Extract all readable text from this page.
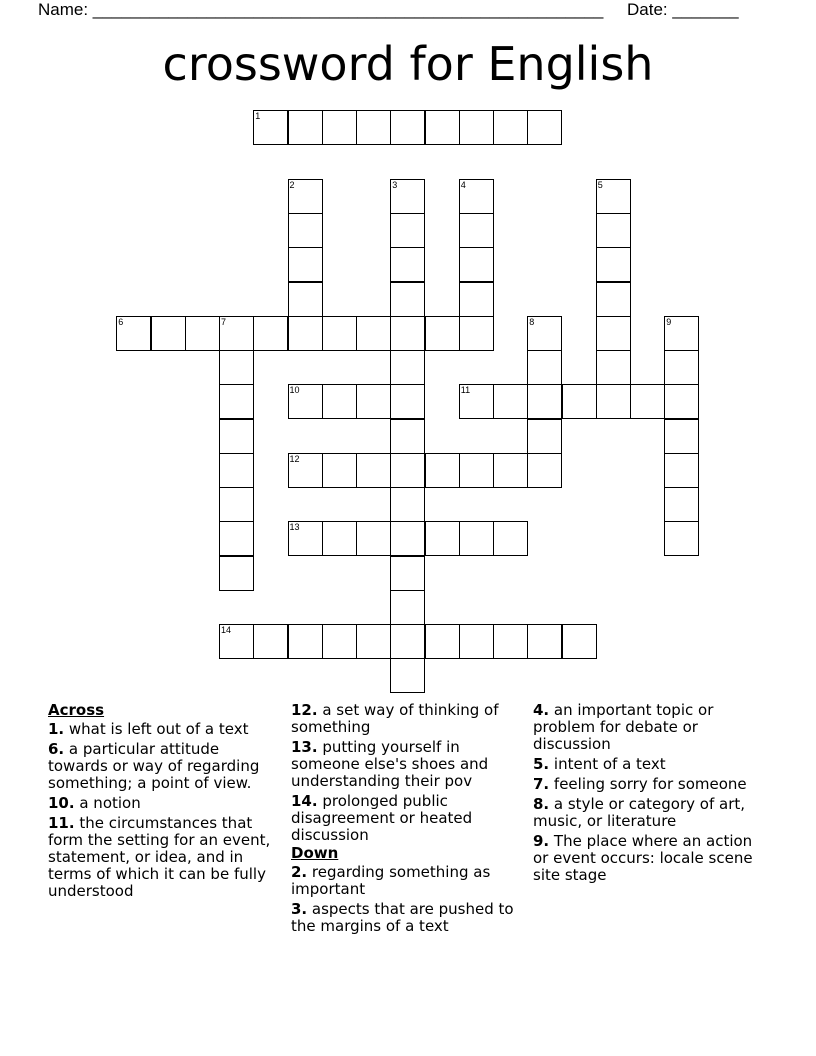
Name: ______________________________________________________ Date: _______
crossword for English
1
2	3	4	5
6	7	8	9
10	11
12
13
14
Across
1. what is left out of a text
6. a particular attitude towards or way of regarding something; a point of view.
10. a notion
11. the circumstances that form the setting for an event, statement, or idea, and in terms of which it can be fully understood
12. a set way of thinking of something
13. putting yourself in someone else's shoes and understanding their pov
14. prolonged public disagreement or heated discussion
Down
2. regarding something as important
3. aspects that are pushed to the margins of a text
4. an important topic or problem for debate or discussion
5. intent of a text
7. feeling sorry for someone
8. a style or category of art, music, or literature
9. The place where an action or event occurs: locale scene site stage
